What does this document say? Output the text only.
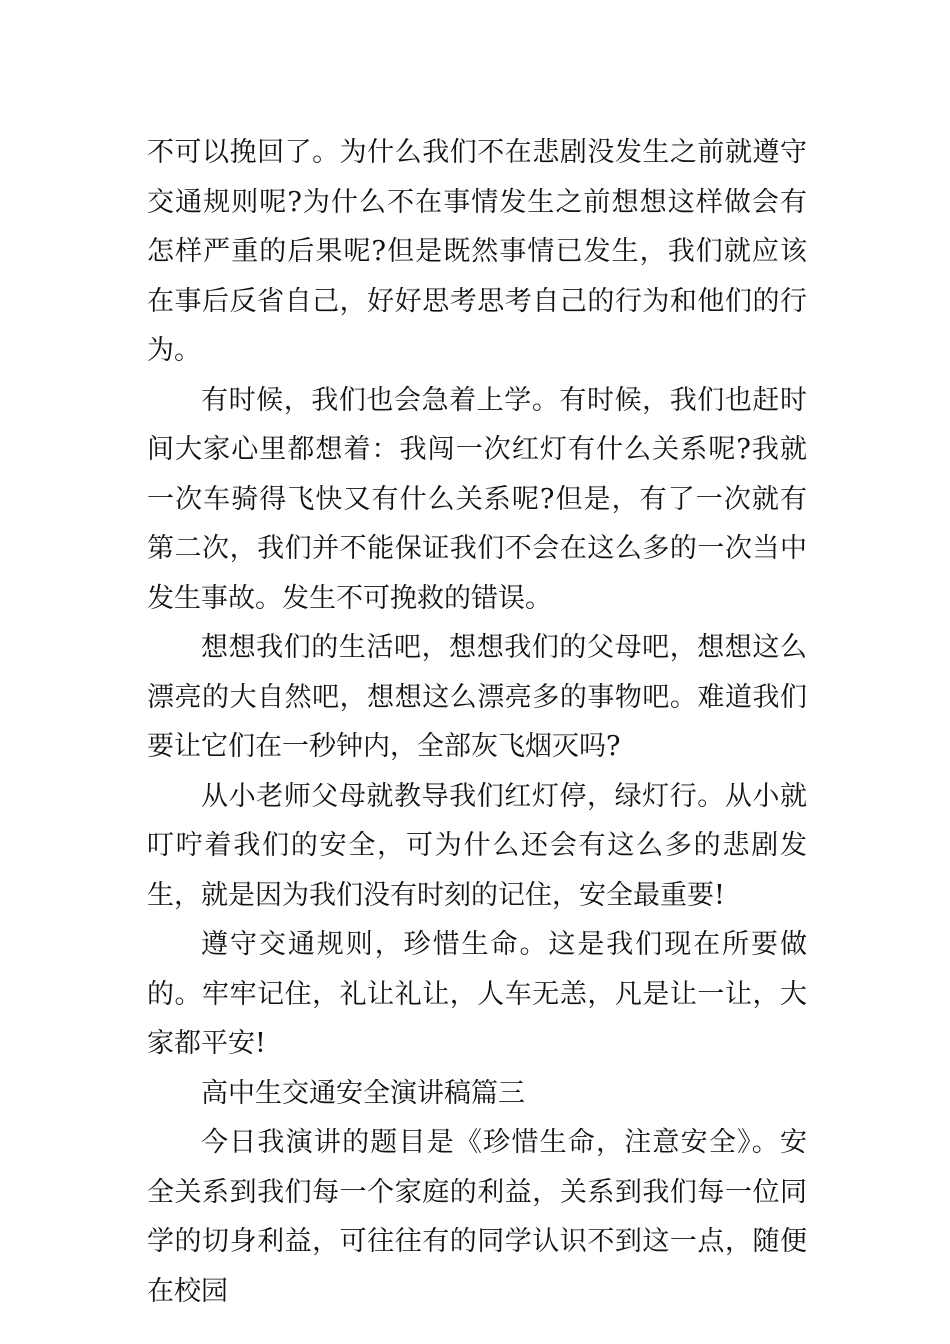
不可以挽回了。为什么我们不在悲剧没发生之前就遵守交通规则呢?为什么不在事情发生之前想想这样做会有怎样严重的后果呢?但是既然事情已发生，我们就应该在事后反省自己，好好思考思考自己的行为和他们的行为。

有时候，我们也会急着上学。有时候，我们也赶时间大家心里都想着：我闯一次红灯有什么关系呢?我就一次车骑得飞快又有什么关系呢?但是，有了一次就有第二次，我们并不能保证我们不会在这么多的一次当中发生事故。发生不可挽救的错误。

想想我们的生活吧，想想我们的父母吧，想想这么漂亮的大自然吧，想想这么漂亮多的事物吧。难道我们要让它们在一秒钟内，全部灰飞烟灭吗?

从小老师父母就教导我们红灯停，绿灯行。从小就叮咛着我们的安全，可为什么还会有这么多的悲剧发生，就是因为我们没有时刻的记住，安全最重要!

遵守交通规则，珍惜生命。这是我们现在所要做的。牢牢记住，礼让礼让，人车无恙，凡是让一让，大家都平安!

高中生交通安全演讲稿篇三

今日我演讲的题目是《珍惜生命，注意安全》。安全关系到我们每一个家庭的利益，关系到我们每一位同学的切身利益，可往往有的同学认识不到这一点，随便在校园
